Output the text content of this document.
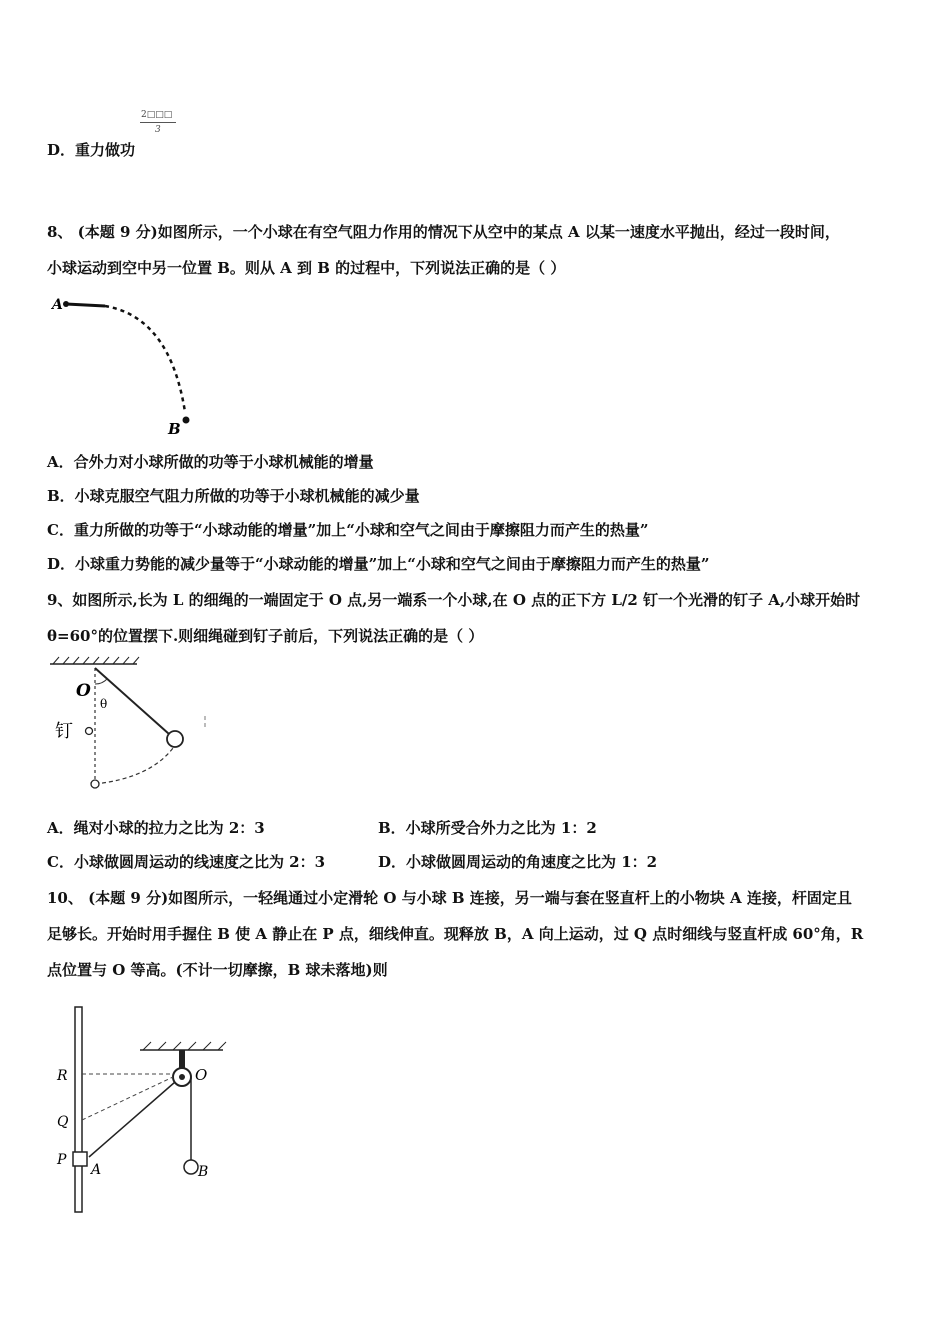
2□□□
3
D．重力做功
8、 (本题 9 分)如图所示，一个小球在有空气阻力作用的情况下从空中的某点 A 以某一速度水平抛出，经过一段时间，
小球运动到空中另一位置 B。则从 A 到 B 的过程中，下列说法正确的是（ ）
A
B
A．合外力对小球所做的功等于小球机械能的增量
B．小球克服空气阻力所做的功等于小球机械能的减少量
C．重力所做的功等于“小球动能的增量”加上“小球和空气之间由于摩擦阻力而产生的热量”
D．小球重力势能的减少量等于“小球动能的增量”加上“小球和空气之间由于摩擦阻力而产生的热量”
9、如图所示,长为 L 的细绳的一端固定于 O 点,另一端系一个小球,在 O 点的正下方 L/2 钉一个光滑的钉子 A,小球开始时
θ=60°的位置摆下.则细绳碰到钉子前后，下列说法正确的是（ ）
O
θ
钉
A．绳对小球的拉力之比为 2：3	B．小球所受合外力之比为 1：2
C．小球做圆周运动的线速度之比为 2：3	D．小球做圆周运动的角速度之比为 1：2
10、 (本题 9 分)如图所示，一轻绳通过小定滑轮 O 与小球 B 连接，另一端与套在竖直杆上的小物块 A 连接，杆固定且
足够长。开始时用手握住 B 使 A 静止在 P 点，细线伸直。现释放 B，A 向上运动，过 Q 点时细线与竖直杆成 60°角，R
点位置与 O 等高。(不计一切摩擦，B 球未落地)则
R
Q
P
A
O
B
